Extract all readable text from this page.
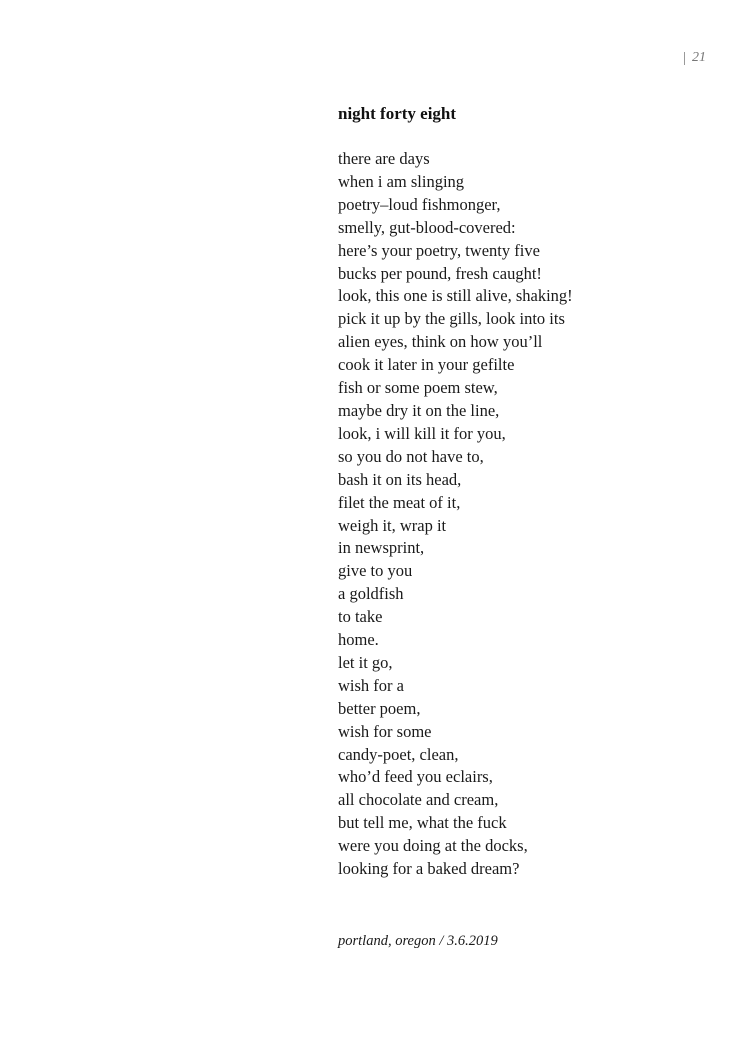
21
night forty eight
there are days
when i am slinging
poetry–loud fishmonger,
smelly, gut-blood-covered:
here’s your poetry, twenty five
bucks per pound, fresh caught!
look, this one is still alive, shaking!
pick it up by the gills, look into its
alien eyes, think on how you’ll
cook it later in your gefilte
fish or some poem stew,
maybe dry it on the line,
look, i will kill it for you,
so you do not have to,
bash it on its head,
filet the meat of it,
weigh it, wrap it
in newsprint,
give to you
a goldfish
to take
home.
let it go,
wish for a
better poem,
wish for some
candy-poet, clean,
who’d feed you eclairs,
all chocolate and cream,
but tell me, what the fuck
were you doing at the docks,
looking for a baked dream?
portland, oregon / 3.6.2019
